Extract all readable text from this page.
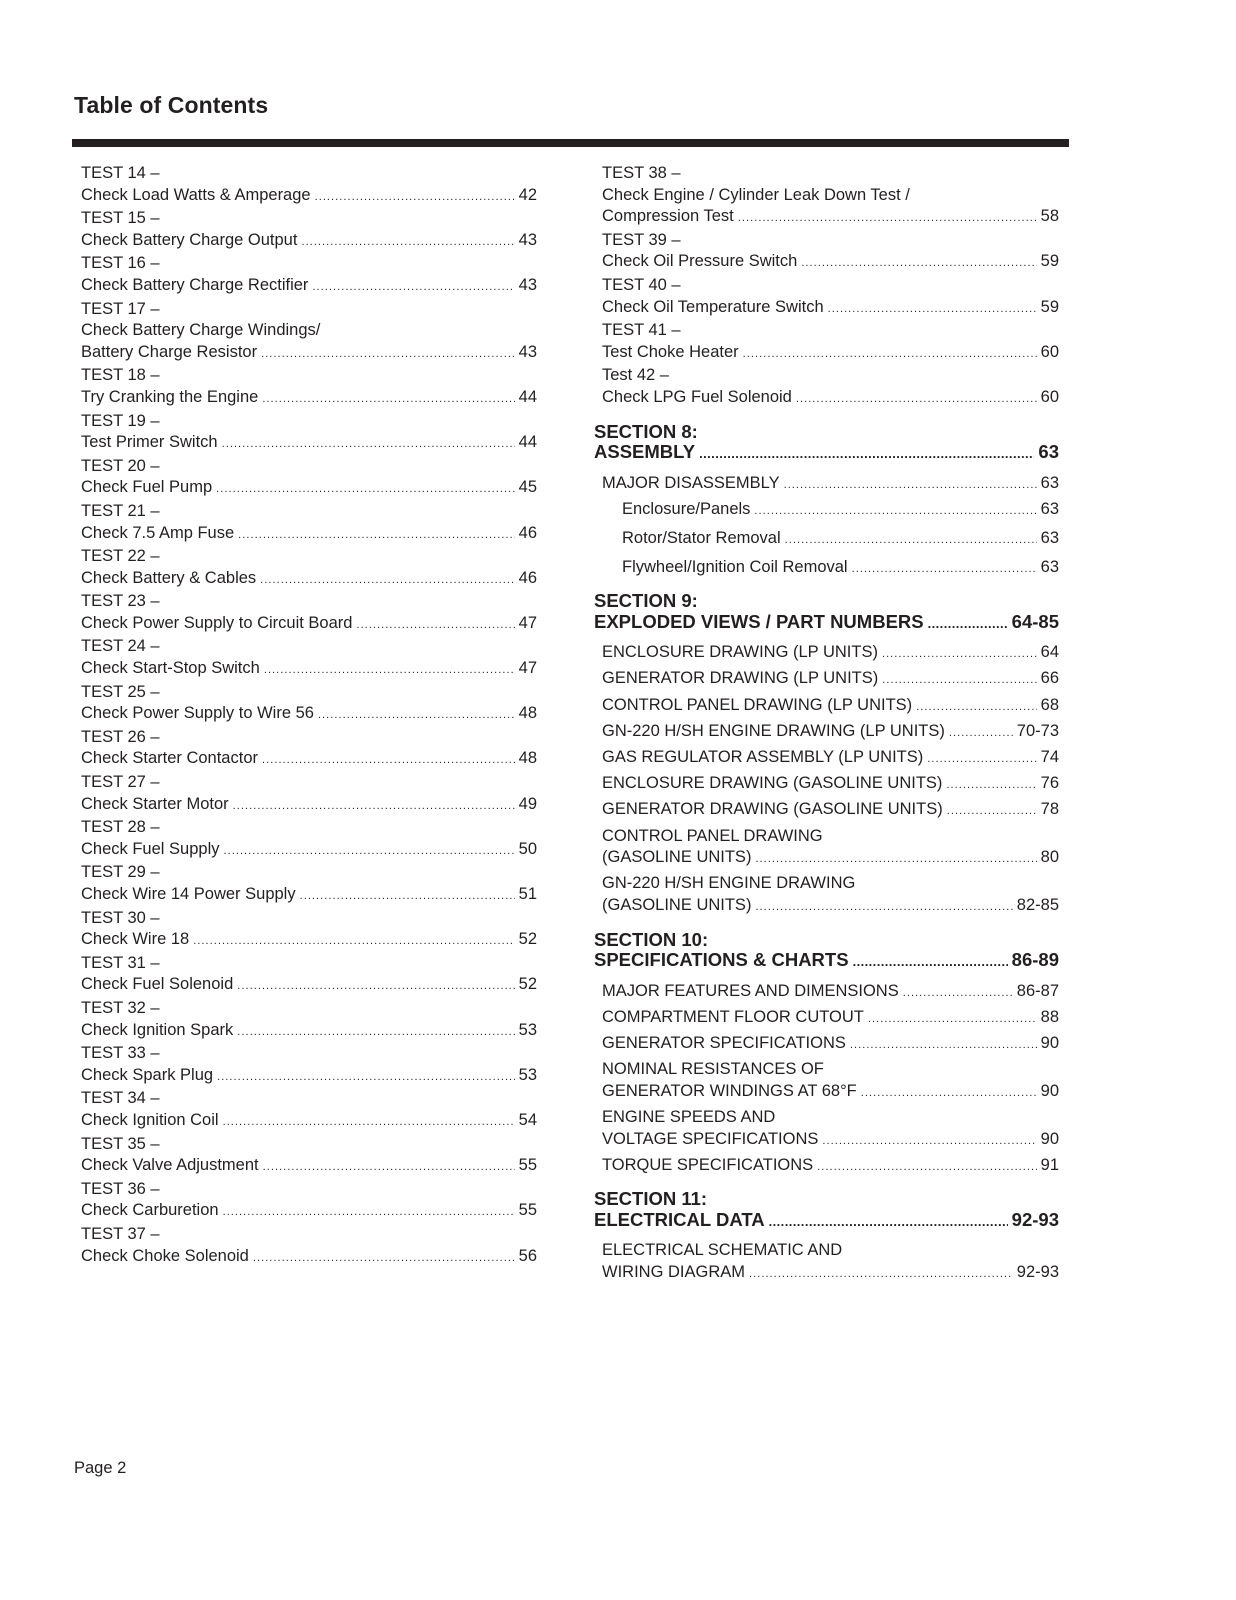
Table of Contents
TEST 14 –
Check Load Watts & Amperage . . .	42
TEST 15 –
Check Battery Charge Output . . .	43
TEST 16 –
Check Battery Charge Rectifier . . .	43
TEST 17 –
Check Battery Charge Windings/
Battery Charge Resistor . . .	43
TEST 18 –
Try Cranking the Engine . . .	44
TEST 19 –
Test Primer Switch . . .	44
TEST 20 –
Check Fuel Pump . . .	45
TEST 21 –
Check 7.5 Amp Fuse . . .	46
TEST 22 –
Check Battery & Cables . . .	46
TEST 23 –
Check Power Supply to Circuit Board . . .	47
TEST 24 –
Check Start-Stop Switch . . .	47
TEST 25 –
Check Power Supply to Wire 56 . . .	48
TEST 26 –
Check Starter Contactor . . .	48
TEST 27 –
Check Starter Motor . . .	49
TEST 28 –
Check Fuel Supply . . .	50
TEST 29 –
Check Wire 14 Power Supply . . .	51
TEST 30 –
Check Wire 18 . . .	52
TEST 31 –
Check Fuel Solenoid . . .	52
TEST 32 –
Check Ignition Spark . . .	53
TEST 33 –
Check Spark Plug . . .	53
TEST 34 –
Check Ignition Coil . . .	54
TEST 35 –
Check Valve Adjustment . . .	55
TEST 36 –
Check Carburetion . . .	55
TEST 37 –
Check Choke Solenoid . . .	56
TEST 38 –
Check Engine / Cylinder Leak Down Test /
Compression Test . . .	58
TEST 39 –
Check Oil Pressure Switch . . .	59
TEST 40 –
Check Oil Temperature Switch . . .	59
TEST 41 –
Test Choke Heater . . .	60
Test 42 –
Check LPG Fuel Solenoid . . .	60
SECTION 8:
ASSEMBLY . . .	63
MAJOR DISASSEMBLY . . .	63
Enclosure/Panels . . .	63
Rotor/Stator Removal . . .	63
Flywheel/Ignition Coil Removal . . .	63
SECTION 9:
EXPLODED VIEWS / PART NUMBERS . . .	64-85
ENCLOSURE DRAWING (LP UNITS) . . .	64
GENERATOR DRAWING (LP UNITS) . . .	66
CONTROL PANEL DRAWING (LP UNITS) . . .	68
GN-220 H/SH ENGINE DRAWING (LP UNITS) . . .	70-73
GAS REGULATOR ASSEMBLY (LP UNITS) . . .	74
ENCLOSURE DRAWING (GASOLINE UNITS) . . .	76
GENERATOR DRAWING (GASOLINE UNITS) . . .	78
CONTROL PANEL DRAWING
(GASOLINE UNITS) . . .	80
GN-220 H/SH ENGINE DRAWING
(GASOLINE UNITS) . . .	82-85
SECTION 10:
SPECIFICATIONS & CHARTS . . .	86-89
MAJOR FEATURES AND DIMENSIONS . . .	86-87
COMPARTMENT FLOOR CUTOUT . . .	88
GENERATOR SPECIFICATIONS . . .	90
NOMINAL RESISTANCES OF
GENERATOR WINDINGS AT 68°F . . .	90
ENGINE SPEEDS AND
VOLTAGE SPECIFICATIONS . . .	90
TORQUE SPECIFICATIONS . . .	91
SECTION 11:
ELECTRICAL DATA . . .	92-93
ELECTRICAL SCHEMATIC AND
WIRING DIAGRAM . . .	92-93

Page 2
